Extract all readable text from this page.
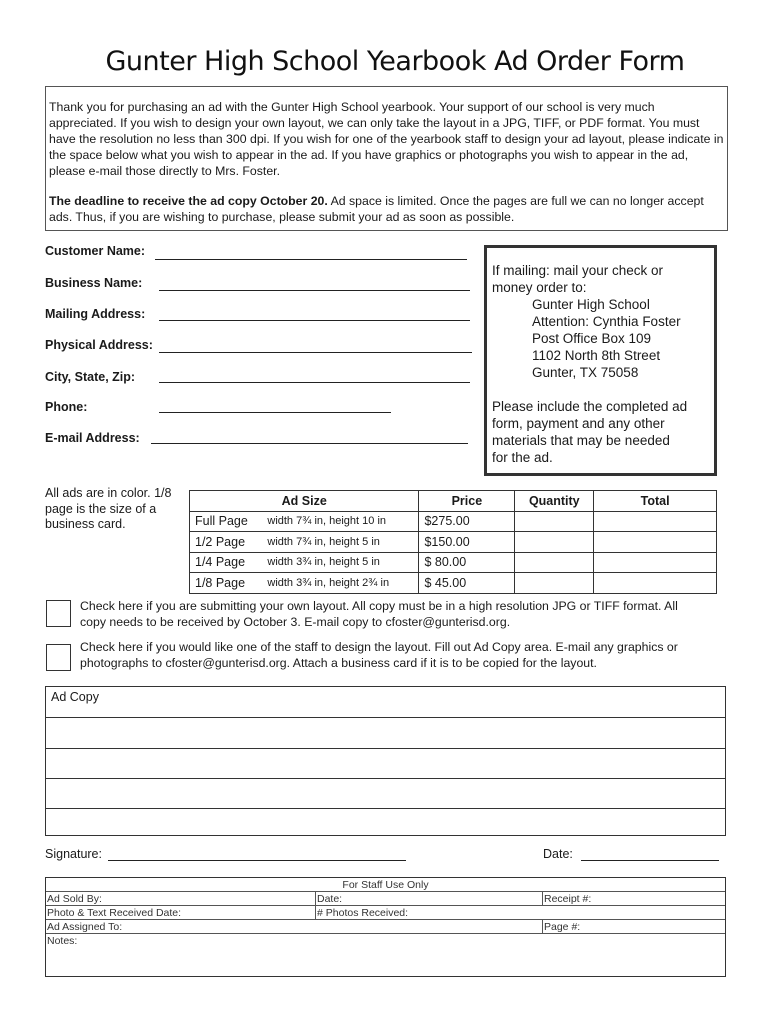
Gunter High School Yearbook Ad Order Form

Thank you for purchasing an ad with the Gunter High School yearbook. Your support of our school is very much appreciated. If you wish to design your own layout, we can only take the layout in a JPG, TIFF, or PDF format. You must have the resolution no less than 300 dpi. If you wish for one of the yearbook staff to design your ad layout, please indicate in the space below what you wish to appear in the ad. If you have graphics or photographs you wish to appear in the ad, please e-mail those directly to Mrs. Foster.

The deadline to receive the ad copy October 20. Ad space is limited. Once the pages are full we can no longer accept ads. Thus, if you are wishing to purchase, please submit your ad as soon as possible.

Customer Name:
Business Name:
Mailing Address:
Physical Address:
City, State, Zip:
Phone:
E-mail Address:
If mailing: mail your check or
money order to:
Gunter High School
Attention: Cynthia Foster
Post Office Box 109
1102 North 8th Street
Gunter, TX 75058
Please include the completed ad
form, payment and any other
materials that may be needed
for the ad.
All ads are in color. 1/8 page is the size of a business card.
Ad Size		Price	Quantity	Total
Full Page	width 7¾ in, height 10 in	$275.00		
1/2 Page	width 7¾ in, height 5 in	$150.00		
1/4 Page	width 3¾ in, height 5 in	$ 80.00		
1/8 Page	width 3¾ in, height 2¾ in	$ 45.00		
Check here if you are submitting your own layout. All copy must be in a high resolution JPG or TIFF format. All
copy needs to be received by October 3. E-mail copy to cfoster@gunterisd.org.
Check here if you would like one of the staff to design the layout. Fill out Ad Copy area. E-mail any graphics or
photographs to cfoster@gunterisd.org. Attach a business card if it is to be copied for the layout.
Ad Copy
Signature:	Date:
For Staff Use Only
Ad Sold By:	Date:	Receipt #:
Photo & Text Received Date:	# Photos Received:
Ad Assigned To:	Page #:
Notes:
